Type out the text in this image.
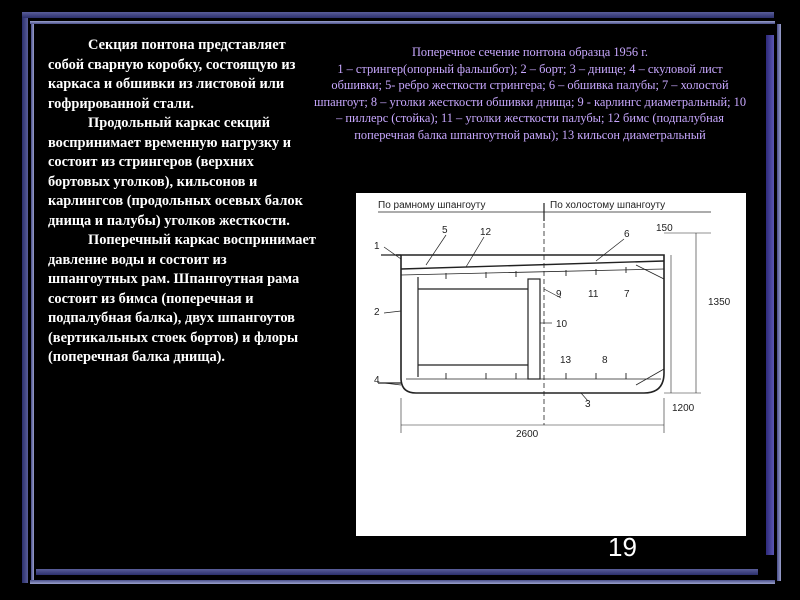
Секция понтона представляет собой сварную коробку, состоящую из каркаса и обшивки из листовой или гофрированной стали.

Продольный каркас секций воспринимает временную нагрузку и состоит из стрингеров (верхних бортовых уголков), кильсонов и карлингсов (продольных осевых балок днища и палубы) уголков жесткости.

Поперечный каркас воспринимает давление воды и состоит из шпангоутных рам. Шпангоутная рама состоит из бимса (поперечная и подпалубная балка), двух шпангоутов (вертикальных стоек бортов) и флоры (поперечная балка днища).

Поперечное сечение понтона образца 1956 г.

1 – стрингер(опорный фальшбот); 2 – борт; 3 – днище; 4 – скуловой лист обшивки; 5- ребро жесткости стрингера; 6 – обшивка палубы; 7 – холостой шпангоут; 8 – уголки жесткости обшивки днища; 9 - карлингс диаметральный; 10 – пиллерс (стойка); 11 – уголки жесткости палубы; 12 бимс (подпалубная поперечная балка шпангоутной рамы); 13 кильсон диаметральный

По рамному шпангоуту	По холостому шпангоуту
1
2
3
4
5	6
7
8
9
10
11
12
13
150
1350
1200
2600
19
